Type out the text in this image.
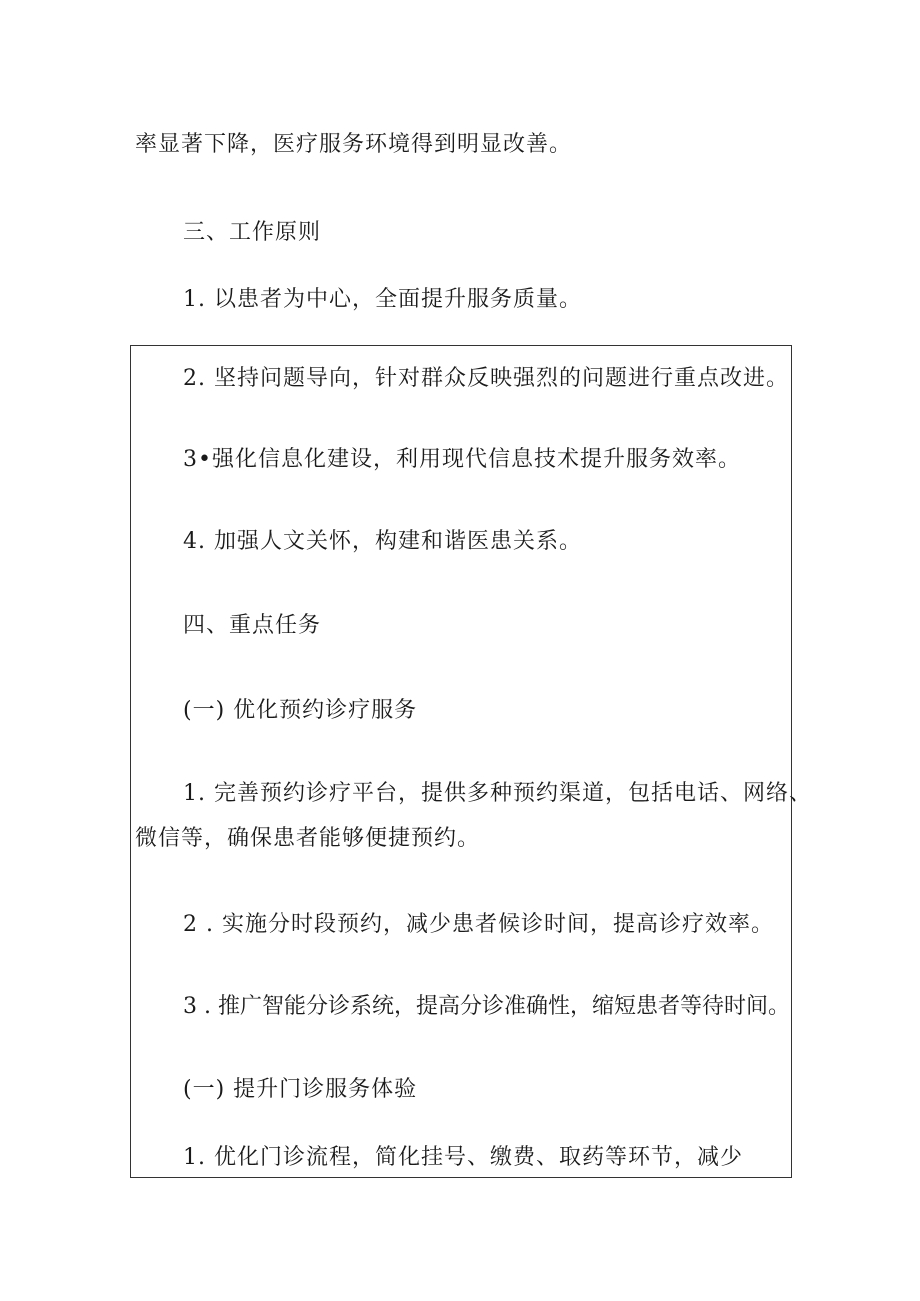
率显著下降，医疗服务环境得到明显改善。
三、工作原则
1. 以患者为中心，全面提升服务质量。
2. 坚持问题导向，针对群众反映强烈的问题进行重点改进。
3•强化信息化建设，利用现代信息技术提升服务效率。
4. 加强人文关怀，构建和谐医患关系。
四、重点任务
(一) 优化预约诊疗服务
1. 完善预约诊疗平台，提供多种预约渠道，包括电话、网络、
微信等，确保患者能够便捷预约。
2 . 实施分时段预约，减少患者候诊时间，提高诊疗效率。
3 . 推广智能分诊系统，提高分诊准确性，缩短患者等待时间。
(一) 提升门诊服务体验
1. 优化门诊流程，简化挂号、缴费、取药等环节，减少
